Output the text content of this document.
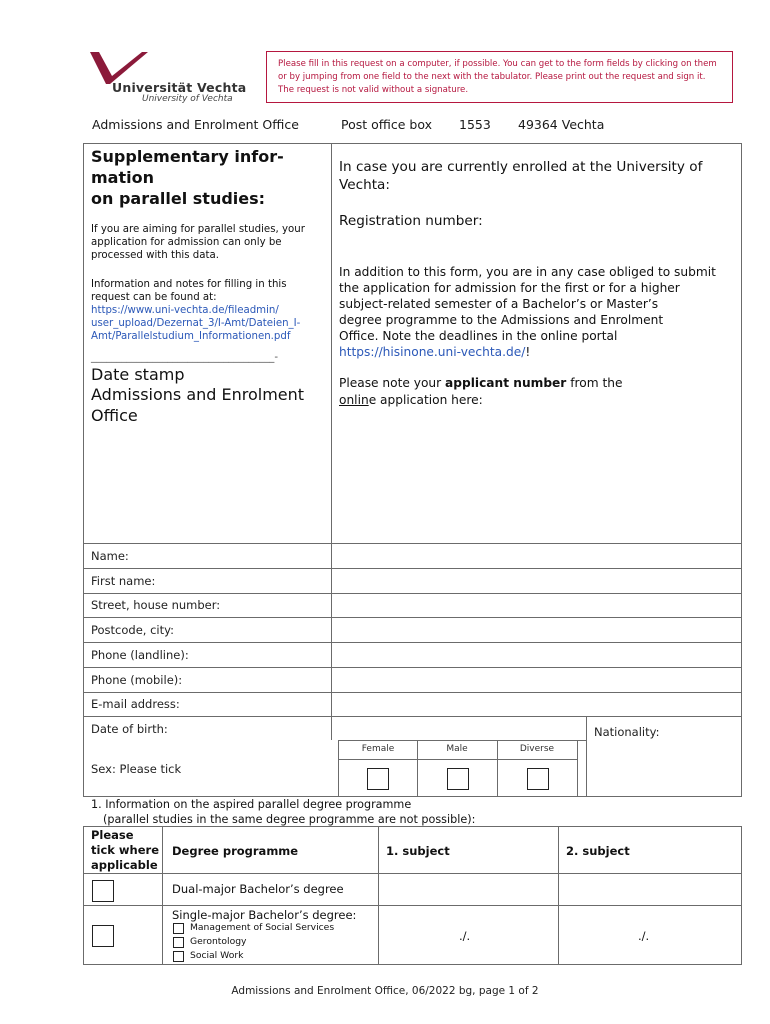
Universität Vechta
University of Vechta
Please fill in this request on a computer, if possible. You can get to the form fields by clicking on them or by jumping from one field to the next with the tabulator. Please print out the request and sign it. The request is not valid without a signature.
Admissions and Enrolment Office	Post office box 1553 49364 Vechta
Supplementary infor-
mation
on parallel studies:
If you are aiming for parallel studies, your
application for admission can only be
processed with this data.
Information and notes for filling in this
request can be found at:
https://www.uni-vechta.de/fileadmin/
user_upload/Dezernat_3/I-Amt/Dateien_I-
Amt/Parallelstudium_Informationen.pdf
____________________________________-
Date stamp
Admissions and Enrolment
Office
In case you are currently enrolled at the University of
Vechta:
Registration number:
In addition to this form, you are in any case obliged to submit
the application for admission for the first or for a higher
subject-related semester of a Bachelor’s or Master’s
degree programme to the Admissions and Enrolment
Office. Note the deadlines in the online portal
https://hisinone.uni-vechta.de/!
Please note your applicant number from the
online application here:
Name:
First name:
Street, house number:
Postcode, city:
Phone (landline):
Phone (mobile):
E-mail address:
Date of birth:	Nationality:
Sex: Please tick
Female	Male	Diverse
1. Information on the aspired parallel degree programme
(parallel studies in the same degree programme are not possible):
Please
tick where
applicable
Degree programme	1. subject	2. subject
Dual-major Bachelor’s degree
Single-major Bachelor’s degree:
Management of Social Services
Gerontology
Social Work
./.	./.
Admissions and Enrolment Office, 06/2022 bg, page 1 of 2
